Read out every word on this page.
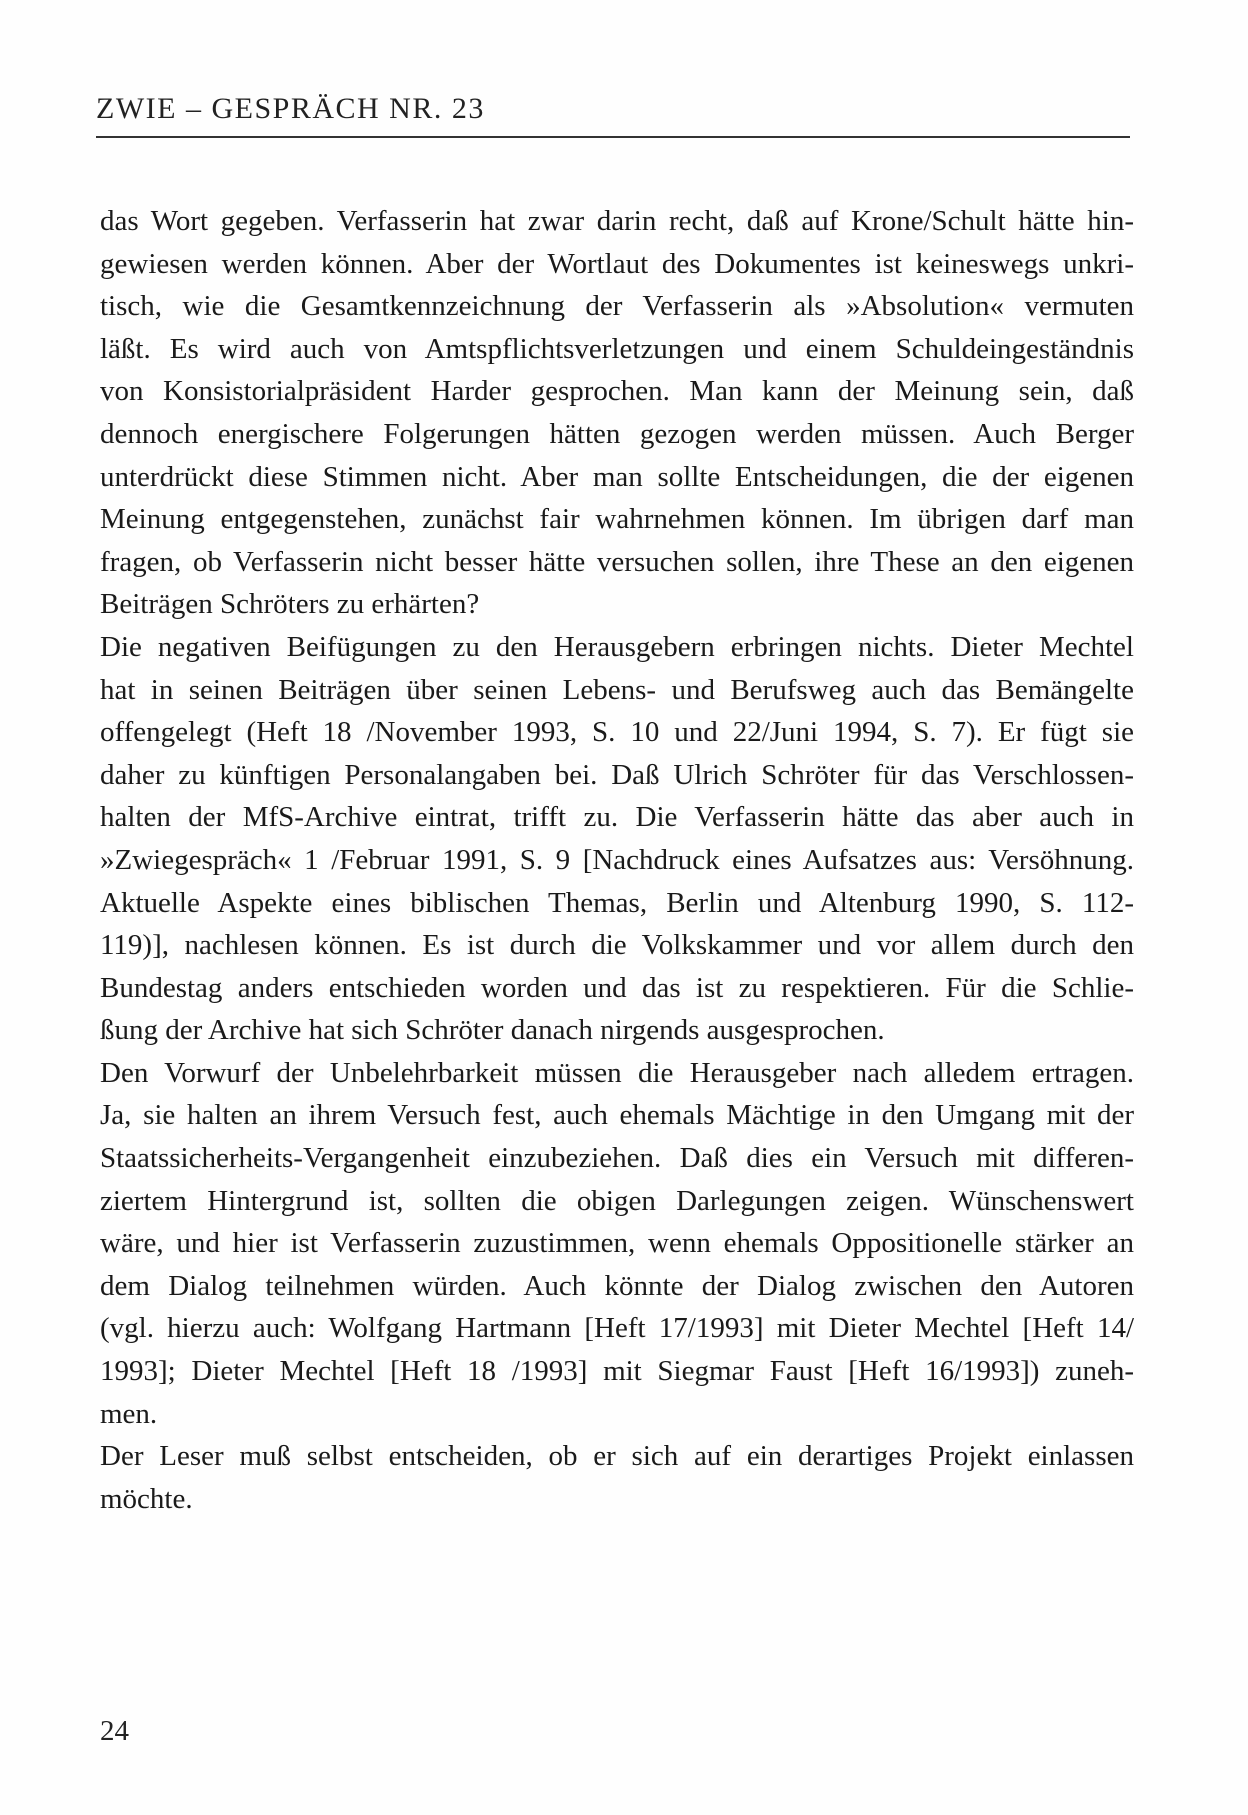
ZWIE – GESPRÄCH NR. 23
das Wort gegeben. Verfasserin hat zwar darin recht, daß auf Krone/Schult hätte hin-
gewiesen werden können. Aber der Wortlaut des Dokumentes ist keineswegs unkri-
tisch, wie die Gesamtkennzeichnung der Verfasserin als »Absolution« vermuten
läßt. Es wird auch von Amtspflichtsverletzungen und einem Schuldeingeständnis
von Konsistorialpräsident Harder gesprochen. Man kann der Meinung sein, daß
dennoch energischere Folgerungen hätten gezogen werden müssen. Auch Berger
unterdrückt diese Stimmen nicht. Aber man sollte Entscheidungen, die der eigenen
Meinung entgegenstehen, zunächst fair wahrnehmen können. Im übrigen darf man
fragen, ob Verfasserin nicht besser hätte versuchen sollen, ihre These an den eigenen
Beiträgen Schröters zu erhärten?
Die negativen Beifügungen zu den Herausgebern erbringen nichts. Dieter Mechtel
hat in seinen Beiträgen über seinen Lebens- und Berufsweg auch das Bemängelte
offengelegt (Heft 18 /November 1993, S. 10 und 22/Juni 1994, S. 7). Er fügt sie
daher zu künftigen Personalangaben bei. Daß Ulrich Schröter für das Verschlossen-
halten der MfS-Archive eintrat, trifft zu. Die Verfasserin hätte das aber auch in
»Zwiegespräch« 1 /Februar 1991, S. 9 [Nachdruck eines Aufsatzes aus: Versöhnung.
Aktuelle Aspekte eines biblischen Themas, Berlin und Altenburg 1990, S. 112-
119)], nachlesen können. Es ist durch die Volkskammer und vor allem durch den
Bundestag anders entschieden worden und das ist zu respektieren. Für die Schlie-
ßung der Archive hat sich Schröter danach nirgends ausgesprochen.
Den Vorwurf der Unbelehrbarkeit müssen die Herausgeber nach alledem ertragen.
Ja, sie halten an ihrem Versuch fest, auch ehemals Mächtige in den Umgang mit der
Staatssicherheits-Vergangenheit einzubeziehen. Daß dies ein Versuch mit differen-
ziertem Hintergrund ist, sollten die obigen Darlegungen zeigen. Wünschenswert
wäre, und hier ist Verfasserin zuzustimmen, wenn ehemals Oppositionelle stärker an
dem Dialog teilnehmen würden. Auch könnte der Dialog zwischen den Autoren
(vgl. hierzu auch: Wolfgang Hartmann [Heft 17/1993] mit Dieter Mechtel [Heft 14/
1993]; Dieter Mechtel [Heft 18 /1993] mit Siegmar Faust [Heft 16/1993]) zuneh-
men.
Der Leser muß selbst entscheiden, ob er sich auf ein derartiges Projekt einlassen
möchte.
24
